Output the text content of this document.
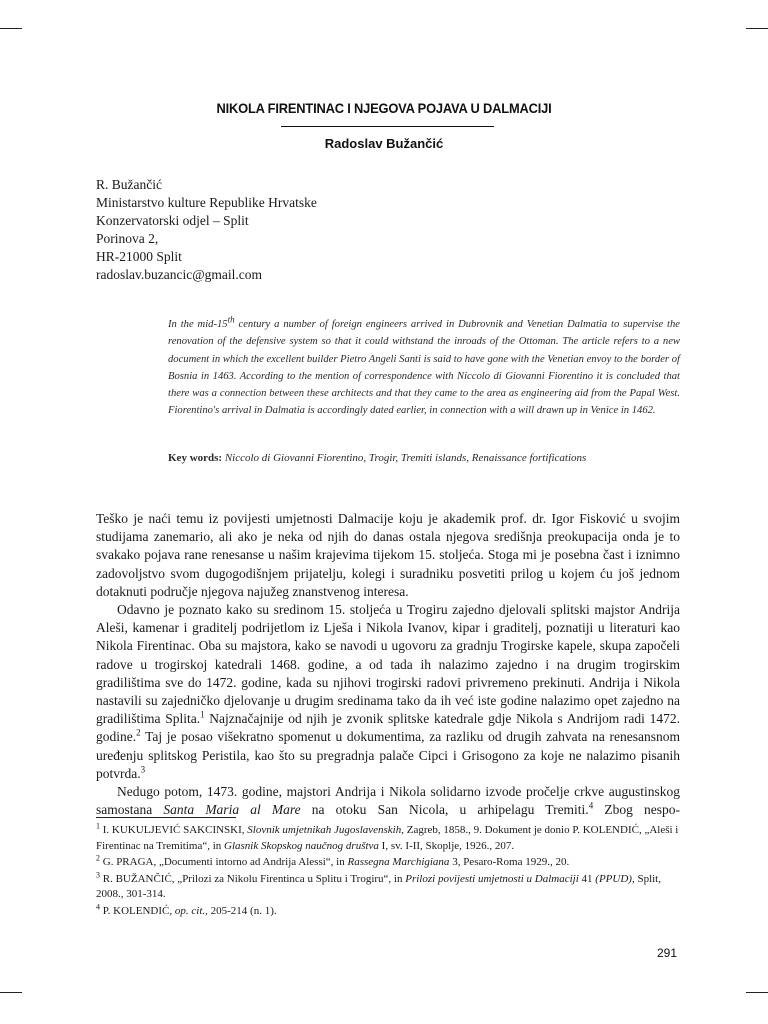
NIKOLA FIRENTINAC I NJEGOVA POJAVA U DALMACIJI
Radoslav Bužančić
R. Bužančić
Ministarstvo kulture Republike Hrvatske
Konzervatorski odjel – Split
Porinova 2,
HR-21000 Split
radoslav.buzancic@gmail.com
In the mid-15th century a number of foreign engineers arrived in Dubrovnik and Venetian Dalmatia to supervise the renovation of the defensive system so that it could withstand the inroads of the Ottoman. The article refers to a new document in which the excellent builder Pietro Angeli Santi is said to have gone with the Venetian envoy to the border of Bosnia in 1463. According to the mention of correspondence with Niccolo di Giovanni Fiorentino it is concluded that there was a connection between these architects and that they came to the area as engineering aid from the Papal West. Fiorentino's arrival in Dalmatia is accordingly dated earlier, in connection with a will drawn up in Venice in 1462.
Key words: Niccolo di Giovanni Fiorentino, Trogir, Tremiti islands, Renaissance fortifications

Teško je naći temu iz povijesti umjetnosti Dalmacije koju je akademik prof. dr. Igor Fisković u svojim studijama zanemario, ali ako je neka od njih do danas ostala njegova središnja preokupacija onda je to svakako pojava rane renesanse u našim krajevima tijekom 15. stoljeća. Stoga mi je posebna čast i iznimno zadovoljstvo svom dugogodišnjem prijatelju, kolegi i suradniku posvetiti prilog u kojem ću još jednom dotaknuti područje njegova najužeg znanstvenog interesa.

Odavno je poznato kako su sredinom 15. stoljeća u Trogiru zajedno djelovali splitski majstor Andrija Aleši, kamenar i graditelj podrijetlom iz Lješa i Nikola Ivanov, kipar i graditelj, poznatiji u literaturi kao Nikola Firentinac. Oba su majstora, kako se navodi u ugovoru za gradnju Trogirske kapele, skupa započeli radove u trogirskoj katedrali 1468. godine, a od tada ih nalazimo zajedno i na drugim trogirskim gradilištima sve do 1472. godine, kada su njihovi trogirski radovi privremeno prekinuti. Andrija i Nikola nastavili su zajedničko djelovanje u drugim sredinama tako da ih već iste godine nalazimo opet zajedno na gradilištima Splita.$^1$ Najznačajnije od njih je zvonik splitske katedrale gdje Nikola s Andrijom radi 1472. godine.$^2$ Taj je posao višekratno spomenut u dokumentima, za razliku od drugih zahvata na renesansnom uređenju splitskog Peristila, kao što su pregradnja palače Cipci i Grisogono za koje ne nalazimo pisanih potvrda.$^3$

Nedugo potom, 1473. godine, majstori Andrija i Nikola solidarno izvode pročelje crkve augustinskog samostana Santa Maria al Mare na otoku San Nicola, u arhipelagu Tremiti.$^4$ Zbog nespo-

$^1$ I. KUKULJEVIĆ SAKCINSKI, Slovnik umjetnikah Jugoslavenskih, Zagreb, 1858., 9. Dokument je donio P. KOLENDIĆ, „Aleši i Firentinac na Tremitima“, in Glasnik Skopskog naučnog društva I, sv. I-II, Skoplje, 1926., 207.
$^2$ G. PRAGA, „Documenti intorno ad Andrija Alessi“, in Rassegna Marchigiana 3, Pesaro-Roma 1929., 20.
$^3$ R. BUŽANČIĆ, „Prilozi za Nikolu Firentinca u Splitu i Trogiru“, in Prilozi povijesti umjetnosti u Dalmaciji 41 (PPUD), Split, 2008., 301-314.
$^4$ P. KOLENDIĆ, op. cit., 205-214 (n. 1).
291
